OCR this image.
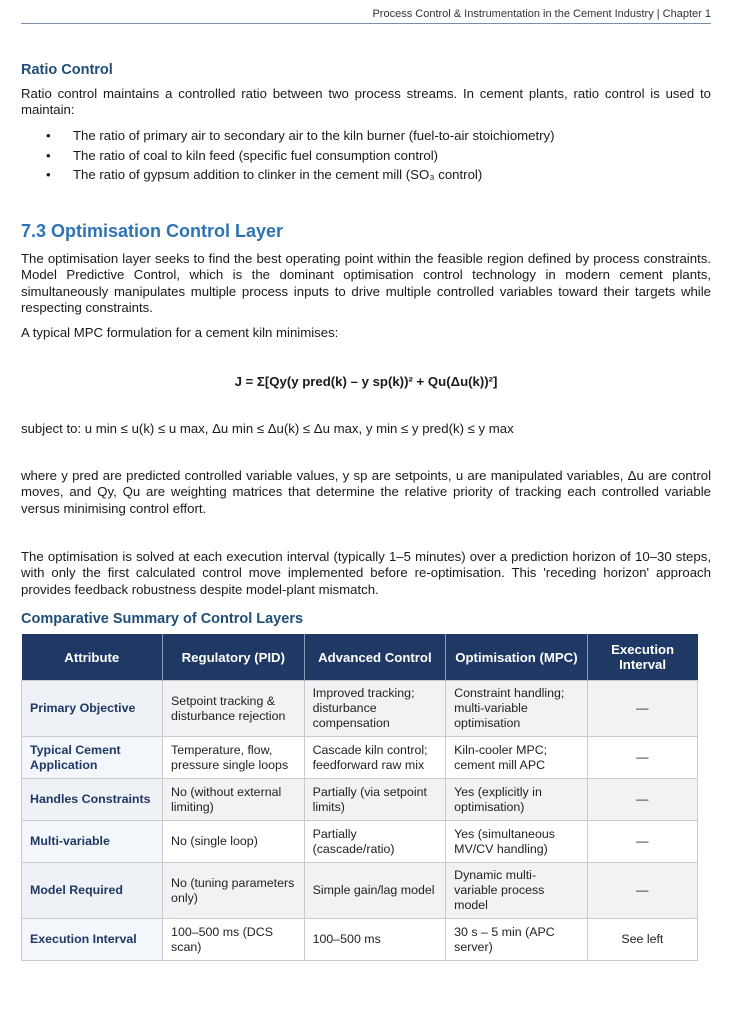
Process Control & Instrumentation in the Cement Industry | Chapter 1
Ratio Control

Ratio control maintains a controlled ratio between two process streams. In cement plants, ratio control is used to maintain:

• The ratio of primary air to secondary air to the kiln burner (fuel-to-air stoichiometry)
• The ratio of coal to kiln feed (specific fuel consumption control)
• The ratio of gypsum addition to clinker in the cement mill (SO₃ control)
7.3 Optimisation Control Layer

The optimisation layer seeks to find the best operating point within the feasible region defined by process constraints. Model Predictive Control, which is the dominant optimisation control technology in modern cement plants, simultaneously manipulates multiple process inputs to drive multiple controlled variables toward their targets while respecting constraints.

A typical MPC formulation for a cement kiln minimises:

J = Σ[Qy(y pred(k) – y sp(k))² + Qu(Δu(k))²]

subject to: u min ≤ u(k) ≤ u max, Δu min ≤ Δu(k) ≤ Δu max, y min ≤ y pred(k) ≤ y max

where y pred are predicted controlled variable values, y sp are setpoints, u are manipulated variables, Δu are control moves, and Qy, Qu are weighting matrices that determine the relative priority of tracking each controlled variable versus minimising control effort.

The optimisation is solved at each execution interval (typically 1–5 minutes) over a prediction horizon of 10–30 steps, with only the first calculated control move implemented before re-optimisation. This 'receding horizon' approach provides feedback robustness despite model-plant mismatch.

Comparative Summary of Control Layers
Attribute	Regulatory (PID)	Advanced Control	Optimisation (MPC)	Execution Interval
Primary Objective	Setpoint tracking & disturbance rejection	Improved tracking; disturbance compensation	Constraint handling; multi-variable optimisation	—
Typical Cement Application	Temperature, flow, pressure single loops	Cascade kiln control; feedforward raw mix	Kiln-cooler MPC; cement mill APC	—
Handles Constraints	No (without external limiting)	Partially (via setpoint limits)	Yes (explicitly in optimisation)	—
Multi-variable	No (single loop)	Partially (cascade/ratio)	Yes (simultaneous MV/CV handling)	—
Model Required	No (tuning parameters only)	Simple gain/lag model	Dynamic multi-variable process model	—
Execution Interval	100–500 ms (DCS scan)	100–500 ms	30 s – 5 min (APC server)	See left
